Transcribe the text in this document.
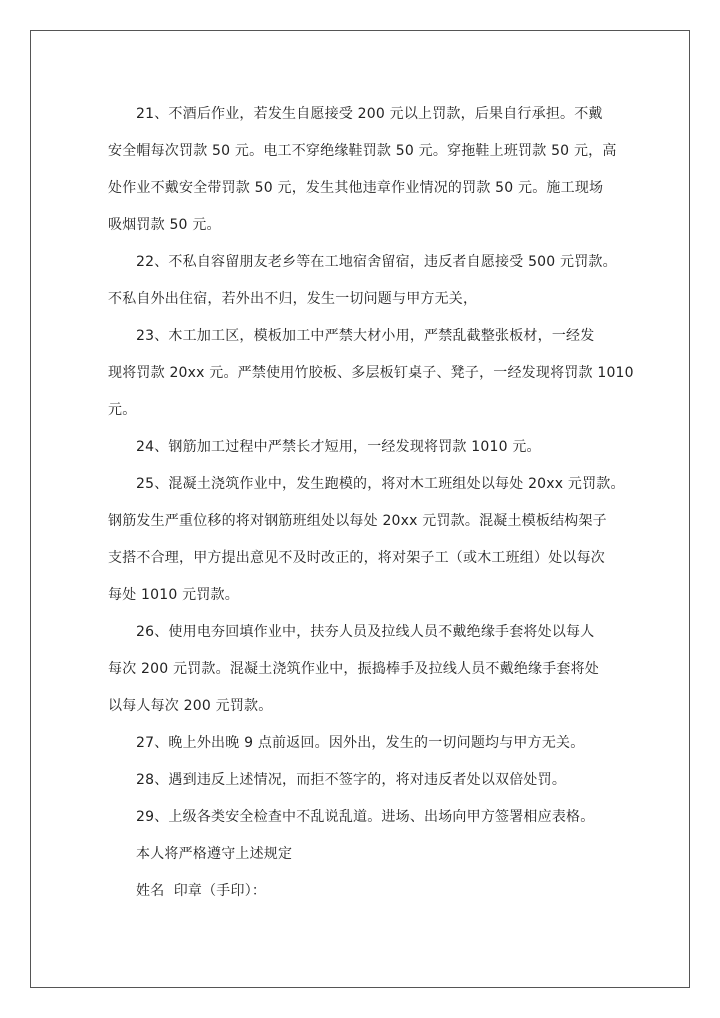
21、不酒后作业，若发生自愿接受 200 元以上罚款，后果自行承担。不戴
安全帽每次罚款 50 元。电工不穿绝缘鞋罚款 50 元。穿拖鞋上班罚款 50 元，高
处作业不戴安全带罚款 50 元，发生其他违章作业情况的罚款 50 元。施工现场
吸烟罚款 50 元。

22、不私自容留朋友老乡等在工地宿舍留宿，违反者自愿接受 500 元罚款。
不私自外出住宿，若外出不归，发生一切问题与甲方无关，

23、木工加工区，模板加工中严禁大材小用，严禁乱截整张板材，一经发
现将罚款 20xx 元。严禁使用竹胶板、多层板钉桌子、凳子，一经发现将罚款 1010
元。

24、钢筋加工过程中严禁长才短用，一经发现将罚款 1010 元。

25、混凝土浇筑作业中，发生跑模的，将对木工班组处以每处 20xx 元罚款。
钢筋发生严重位移的将对钢筋班组处以每处 20xx 元罚款。混凝土模板结构架子
支搭不合理，甲方提出意见不及时改正的，将对架子工（或木工班组）处以每次
每处 1010 元罚款。

26、使用电夯回填作业中，扶夯人员及拉线人员不戴绝缘手套将处以每人
每次 200 元罚款。混凝土浇筑作业中，振捣棒手及拉线人员不戴绝缘手套将处
以每人每次 200 元罚款。

27、晚上外出晚 9 点前返回。因外出，发生的一切问题均与甲方无关。

28、遇到违反上述情况，而拒不签字的，将对违反者处以双倍处罚。

29、上级各类安全检查中不乱说乱道。进场、出场向甲方签署相应表格。

本人将严格遵守上述规定

姓名  印章（手印）：
